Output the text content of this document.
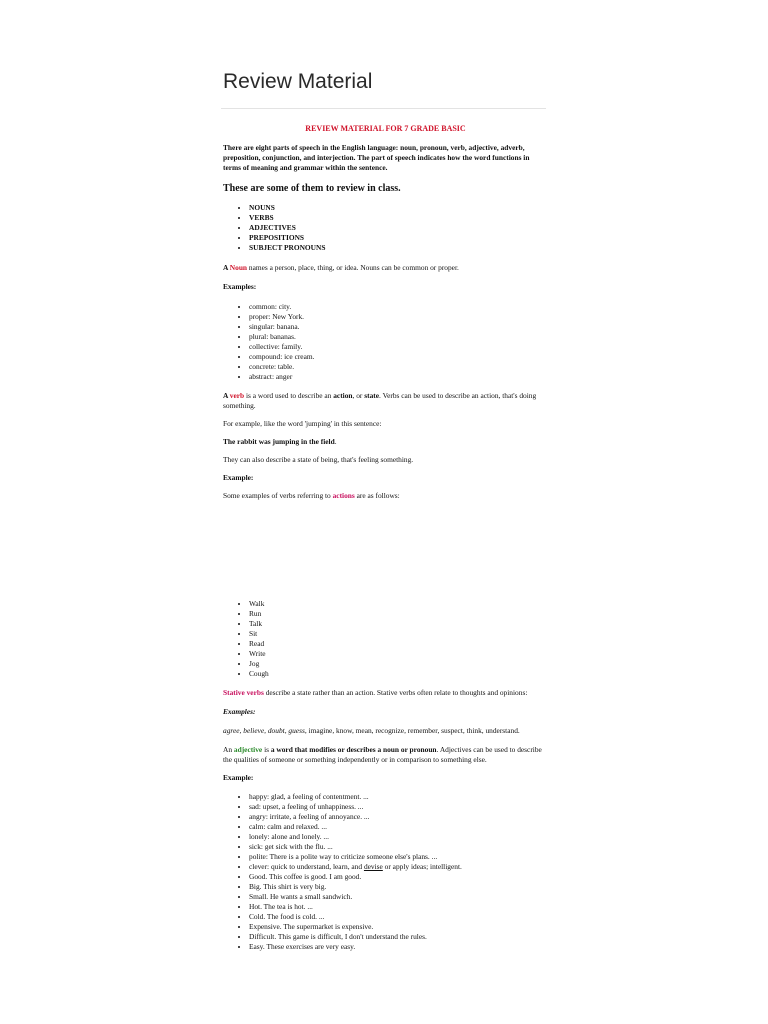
Review Material

REVIEW MATERIAL FOR 7 GRADE BASIC

There are eight parts of speech in the English language: noun, pronoun, verb, adjective, adverb, preposition, conjunction, and interjection. The part of speech indicates how the word functions in terms of meaning and grammar within the sentence.

These are some of them to review in class.
• NOUNS
• VERBS
• ADJECTIVES
• PREPOSITIONS
• SUBJECT PRONOUNS

A Noun names a person, place, thing, or idea. Nouns can be common or proper.

Examples:

• common: city.
• proper: New York.
• singular: banana.
• plural: bananas.
• collective: family.
• compound: ice cream.
• concrete: table.
• abstract: anger

A verb is a word used to describe an action, or state. Verbs can be used to describe an action, that's doing something.

For example, like the word 'jumping' in this sentence:

The rabbit was jumping in the field.

They can also describe a state of being, that's feeling something.

Example:

Some examples of verbs referring to actions are as follows:

• Walk
• Run
• Talk
• Sit
• Read
• Write
• Jog
• Cough

Stative verbs describe a state rather than an action. Stative verbs often relate to thoughts and opinions:

Examples:

agree, believe, doubt, guess, imagine, know, mean, recognize, remember, suspect, think, understand.

An adjective is a word that modifies or describes a noun or pronoun. Adjectives can be used to describe the qualities of someone or something independently or in comparison to something else.

Example:

• happy: glad, a feeling of contentment. ...
• sad: upset, a feeling of unhappiness. ...
• angry: irritate, a feeling of annoyance. ...
• calm: calm and relaxed. ...
• lonely: alone and lonely. ...
• sick: get sick with the flu. ...
• polite: There is a polite way to criticize someone else's plans. ...
• clever: quick to understand, learn, and devise or apply ideas; intelligent.
• Good. This coffee is good. I am good.
• Big. This shirt is very big.
• Small. He wants a small sandwich.
• Hot. The tea is hot. ...
• Cold. The food is cold. ...
• Expensive. The supermarket is expensive.
• Difficult. This game is difficult, I don't understand the rules.
• Easy. These exercises are very easy.
